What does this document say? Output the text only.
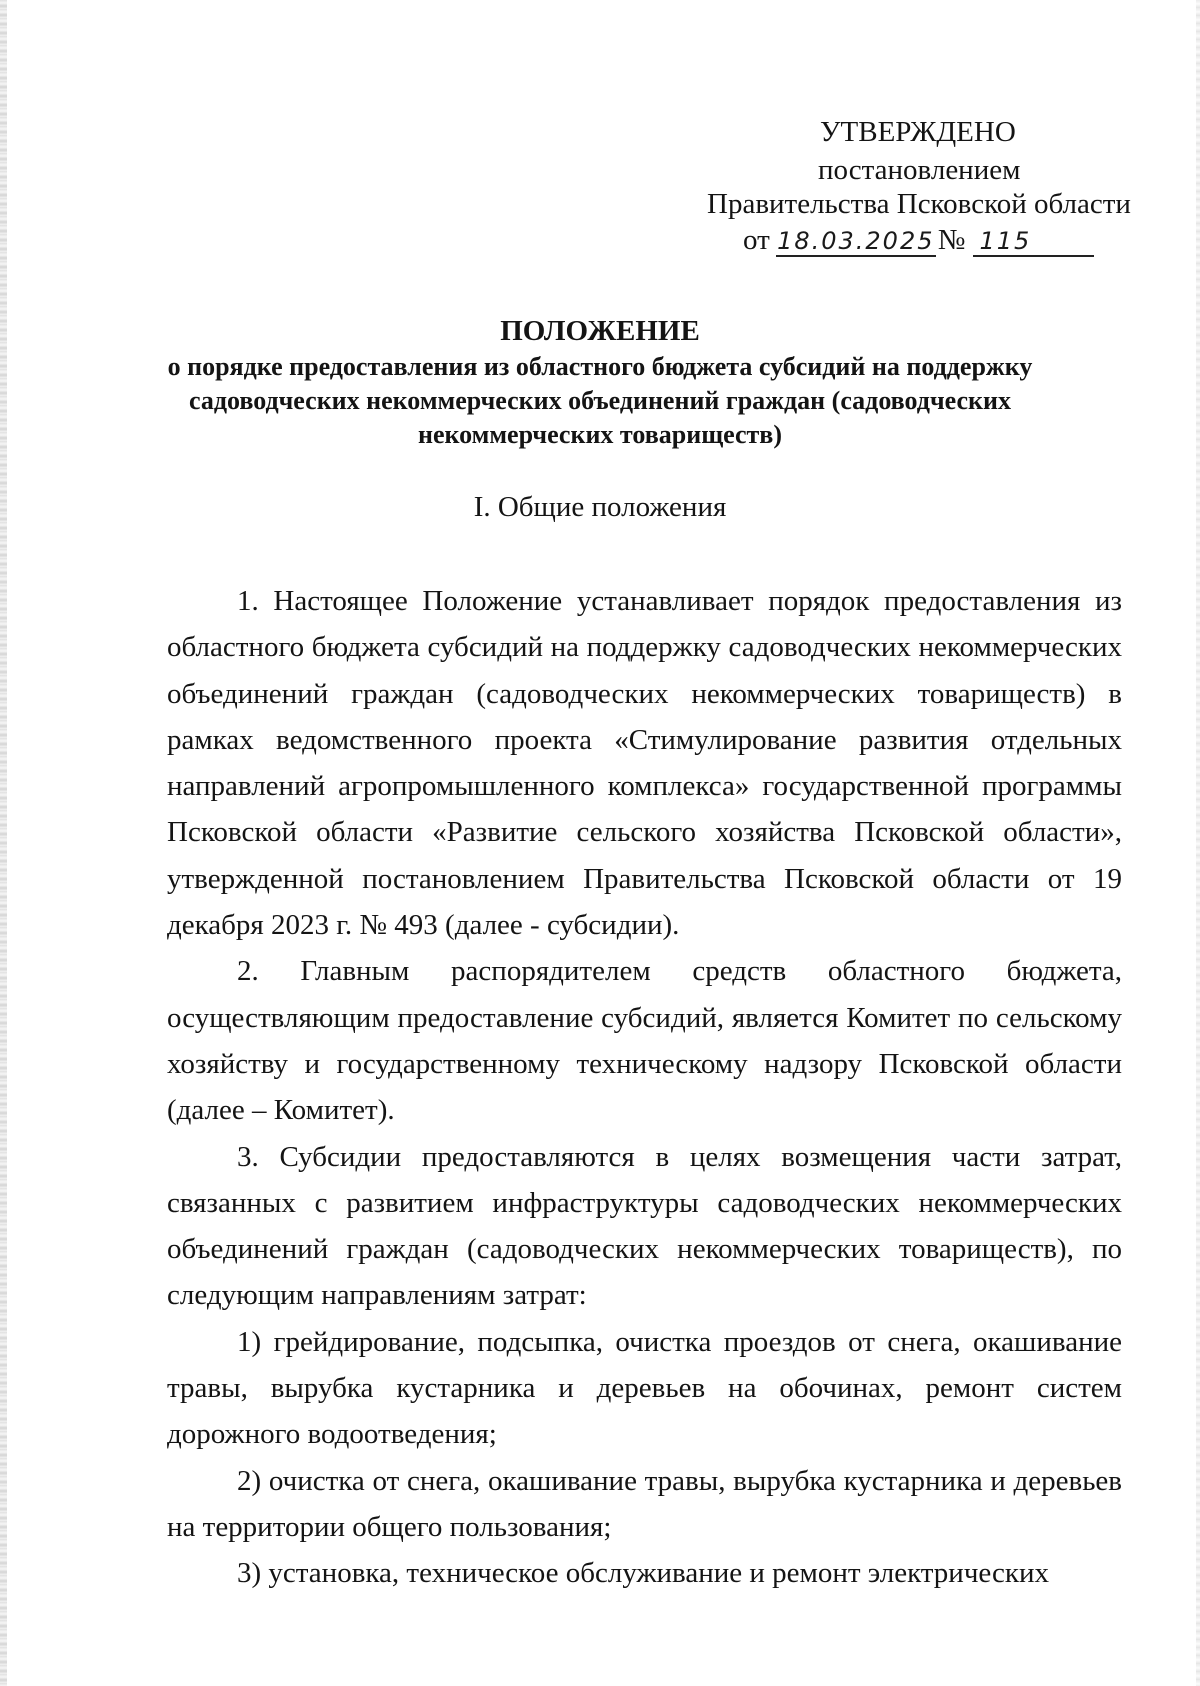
УТВЕРЖДЕНО
постановлением
Правительства Псковской области
от 18.03.2025 № 115
ПОЛОЖЕНИЕ
о порядке предоставления из областного бюджета субсидий на поддержку садоводческих некоммерческих объединений граждан (садоводческих некоммерческих товариществ)
I. Общие положения

1. Настоящее Положение устанавливает порядок предоставления из областного бюджета субсидий на поддержку садоводческих некоммерческих объединений граждан (садоводческих некоммерческих товариществ) в рамках ведомственного проекта «Стимулирование развития отдельных направлений агропромышленного комплекса» государственной программы Псковской области «Развитие сельского хозяйства Псковской области», утвержденной постановлением Правительства Псковской области от 19 декабря 2023 г. № 493 (далее - субсидии).

2. Главным распорядителем средств областного бюджета, осуществляющим предоставление субсидий, является Комитет по сельскому хозяйству и государственному техническому надзору Псковской области (далее – Комитет).

3. Субсидии предоставляются в целях возмещения части затрат, связанных с развитием инфраструктуры садоводческих некоммерческих объединений граждан (садоводческих некоммерческих товариществ), по следующим направлениям затрат:

1) грейдирование, подсыпка, очистка проездов от снега, окашивание травы, вырубка кустарника и деревьев на обочинах, ремонт систем дорожного водоотведения;

2) очистка от снега, окашивание травы, вырубка кустарника и деревьев на территории общего пользования;

3) установка, техническое обслуживание и ремонт электрических
